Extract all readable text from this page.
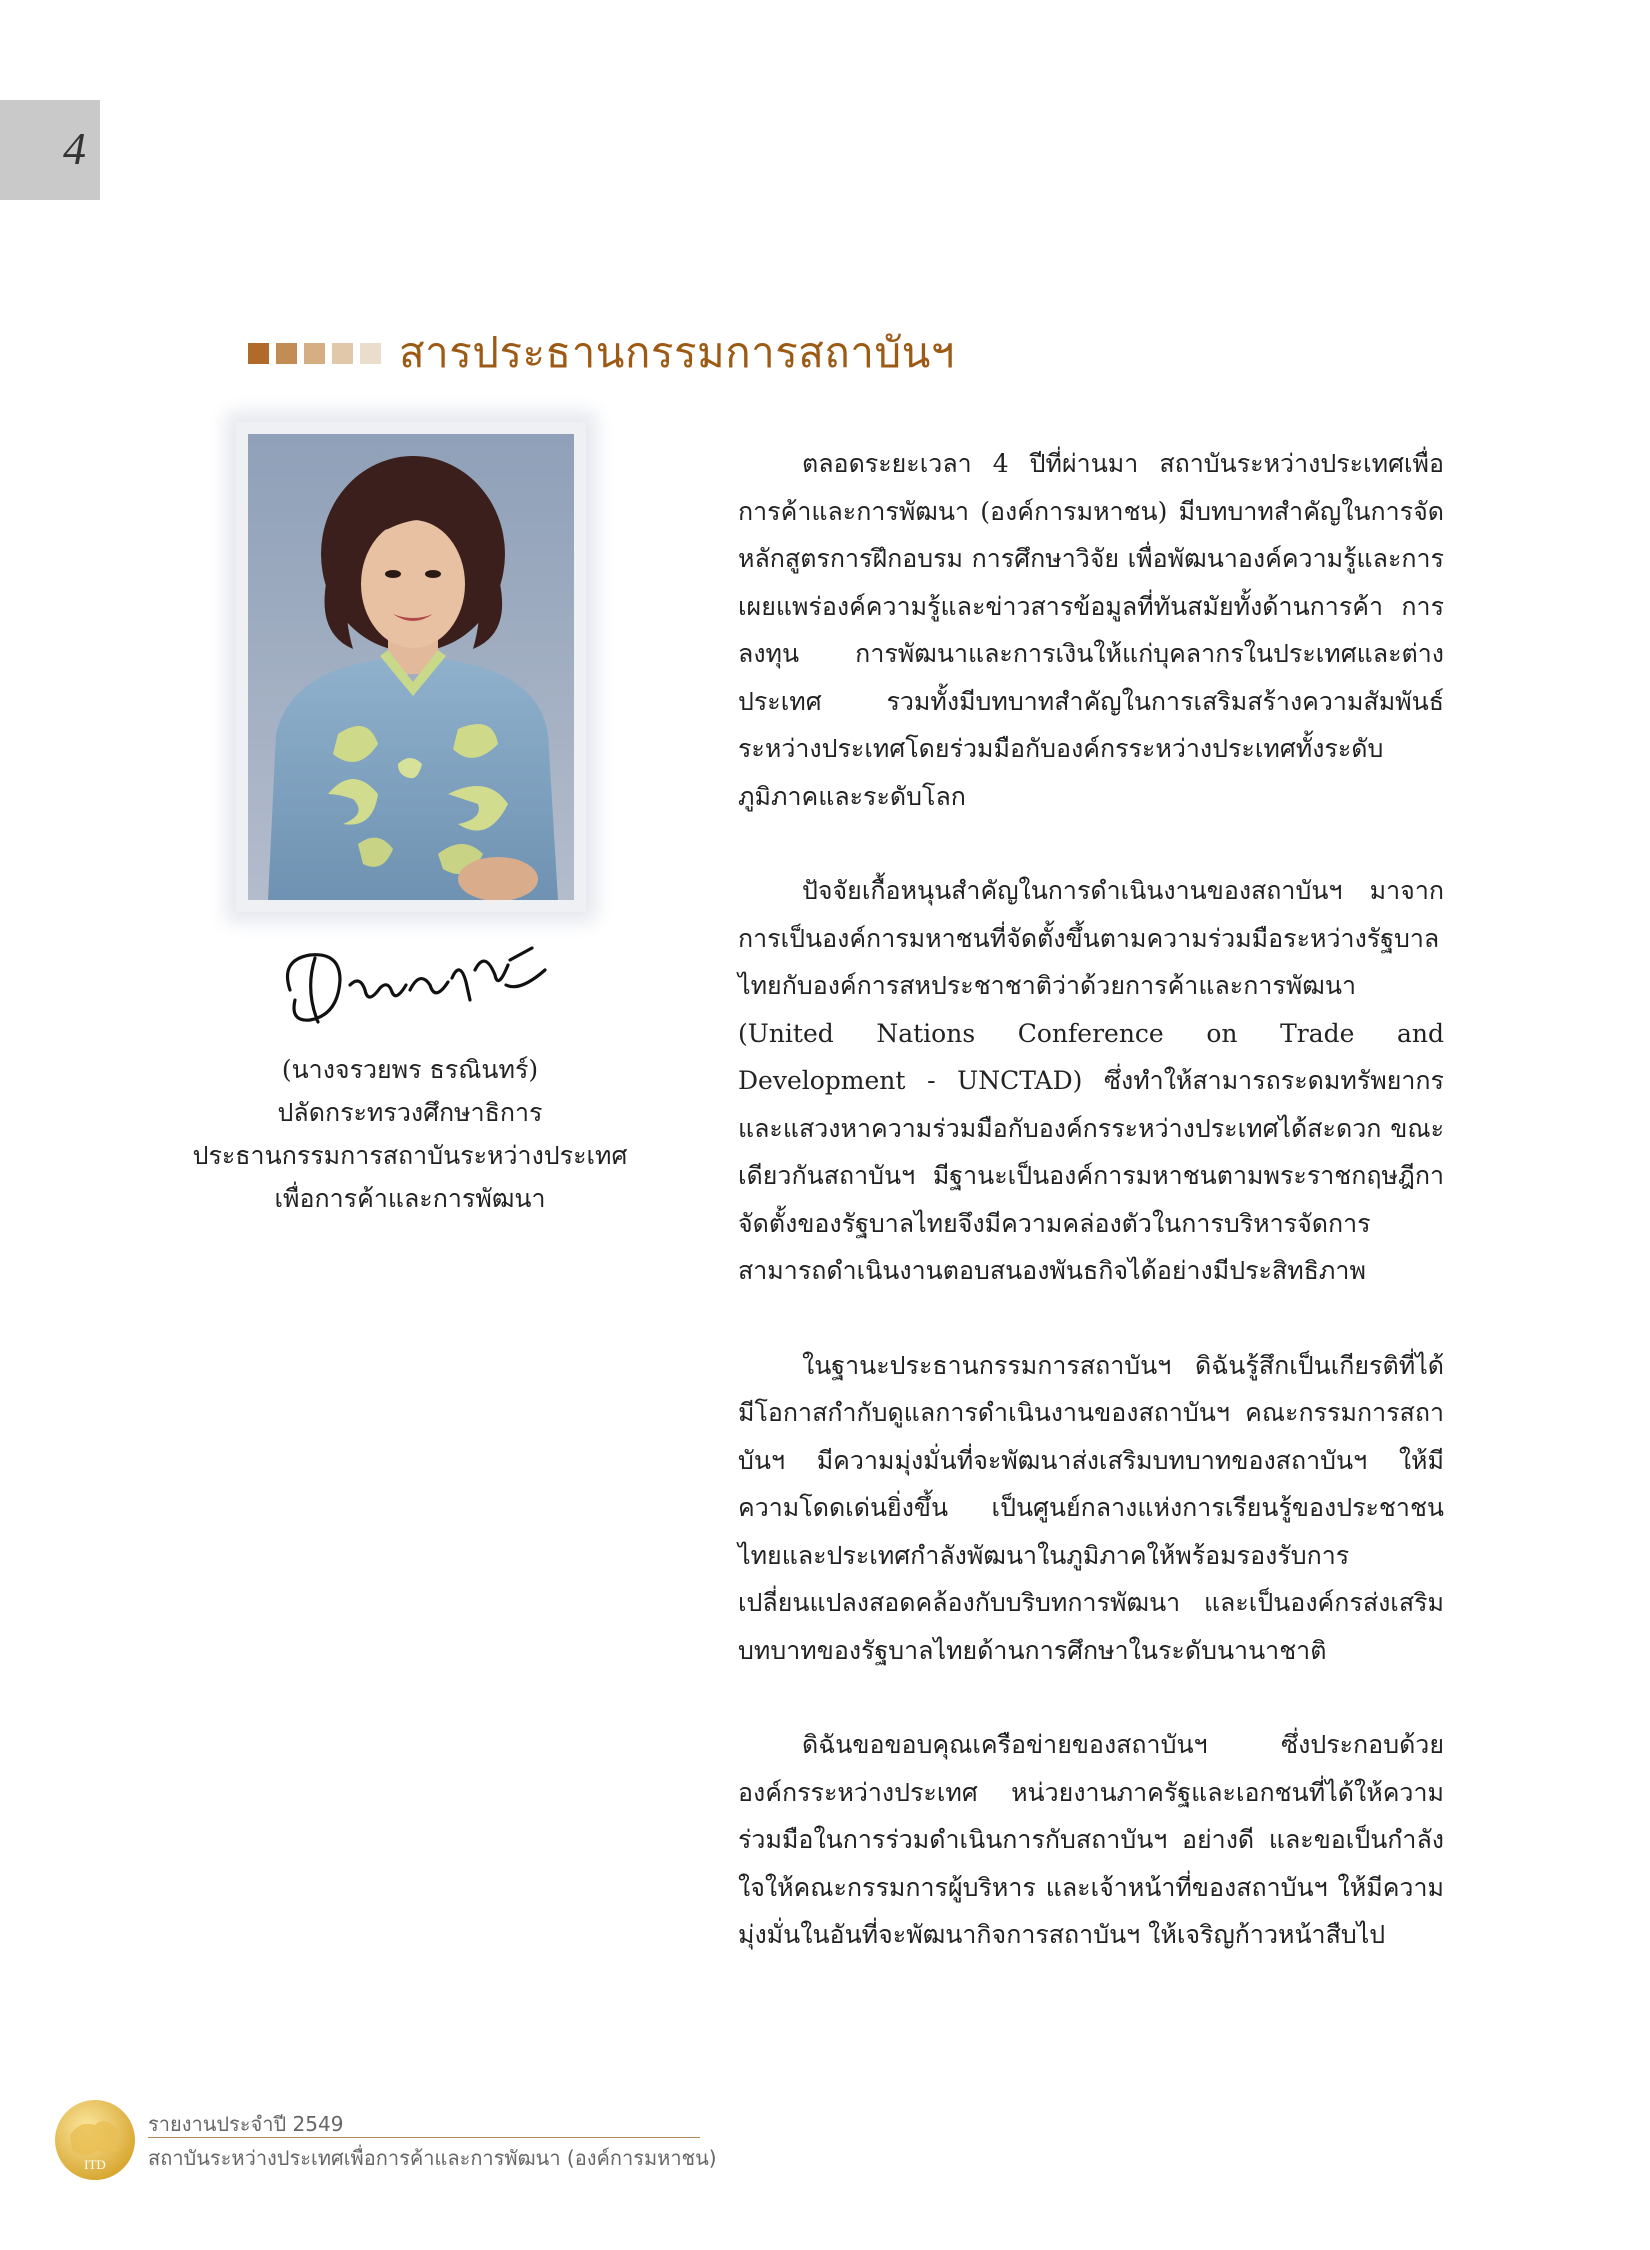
4
สารประธานกรรมการสถาบันฯ
(นางจรวยพร ธรณินทร์)
ปลัดกระทรวงศึกษาธิการ
ประธานกรรมการสถาบันระหว่างประเทศ
เพื่อการค้าและการพัฒนา

ตลอดระยะเวลา 4 ปีที่ผ่านมา สถาบันระหว่างประเทศเพื่อการค้าและการพัฒนา (องค์การมหาชน) มีบทบาทสำคัญในการจัดหลักสูตรการฝึกอบรม การศึกษาวิจัย เพื่อพัฒนาองค์ความรู้และการเผยแพร่องค์ความรู้และข่าวสารข้อมูลที่ทันสมัยทั้งด้านการค้า การลงทุน การพัฒนาและการเงินให้แก่บุคลากรในประเทศและต่างประเทศ รวมทั้งมีบทบาทสำคัญในการเสริมสร้างความสัมพันธ์ระหว่างประเทศโดยร่วมมือกับองค์กรระหว่างประเทศทั้งระดับภูมิภาคและระดับโลก

ปัจจัยเกื้อหนุนสำคัญในการดำเนินงานของสถาบันฯ มาจากการเป็นองค์การมหาชนที่จัดตั้งขึ้นตามความร่วมมือระหว่างรัฐบาลไทยกับองค์การสหประชาชาติว่าด้วยการค้าและการพัฒนา (United Nations Conference on Trade and Development - UNCTAD) ซึ่งทำให้สามารถระดมทรัพยากรและแสวงหาความร่วมมือกับองค์กรระหว่างประเทศได้สะดวก ขณะเดียวกันสถาบันฯ มีฐานะเป็นองค์การมหาชนตามพระราชกฤษฎีกาจัดตั้งของรัฐบาลไทยจึงมีความคล่องตัวในการบริหารจัดการสามารถดำเนินงานตอบสนองพันธกิจได้อย่างมีประสิทธิภาพ

ในฐานะประธานกรรมการสถาบันฯ ดิฉันรู้สึกเป็นเกียรติที่ได้มีโอกาสกำกับดูแลการดำเนินงานของสถาบันฯ คณะกรรมการสถาบันฯ มีความมุ่งมั่นที่จะพัฒนาส่งเสริมบทบาทของสถาบันฯ ให้มีความโดดเด่นยิ่งขึ้น เป็นศูนย์กลางแห่งการเรียนรู้ของประชาชนไทยและประเทศกำลังพัฒนาในภูมิภาคให้พร้อมรองรับการเปลี่ยนแปลงสอดคล้องกับบริบทการพัฒนา และเป็นองค์กรส่งเสริมบทบาทของรัฐบาลไทยด้านการศึกษาในระดับนานาชาติ

ดิฉันขอขอบคุณเครือข่ายของสถาบันฯ ซึ่งประกอบด้วยองค์กรระหว่างประเทศ หน่วยงานภาครัฐและเอกชนที่ได้ให้ความร่วมมือในการร่วมดำเนินการกับสถาบันฯ อย่างดี และขอเป็นกำลังใจให้คณะกรรมการผู้บริหาร และเจ้าหน้าที่ของสถาบันฯ ให้มีความมุ่งมั่นในอันที่จะพัฒนากิจการสถาบันฯ ให้เจริญก้าวหน้าสืบไป

ITD
รายงานประจำปี 2549
สถาบันระหว่างประเทศเพื่อการค้าและการพัฒนา (องค์การมหาชน)
